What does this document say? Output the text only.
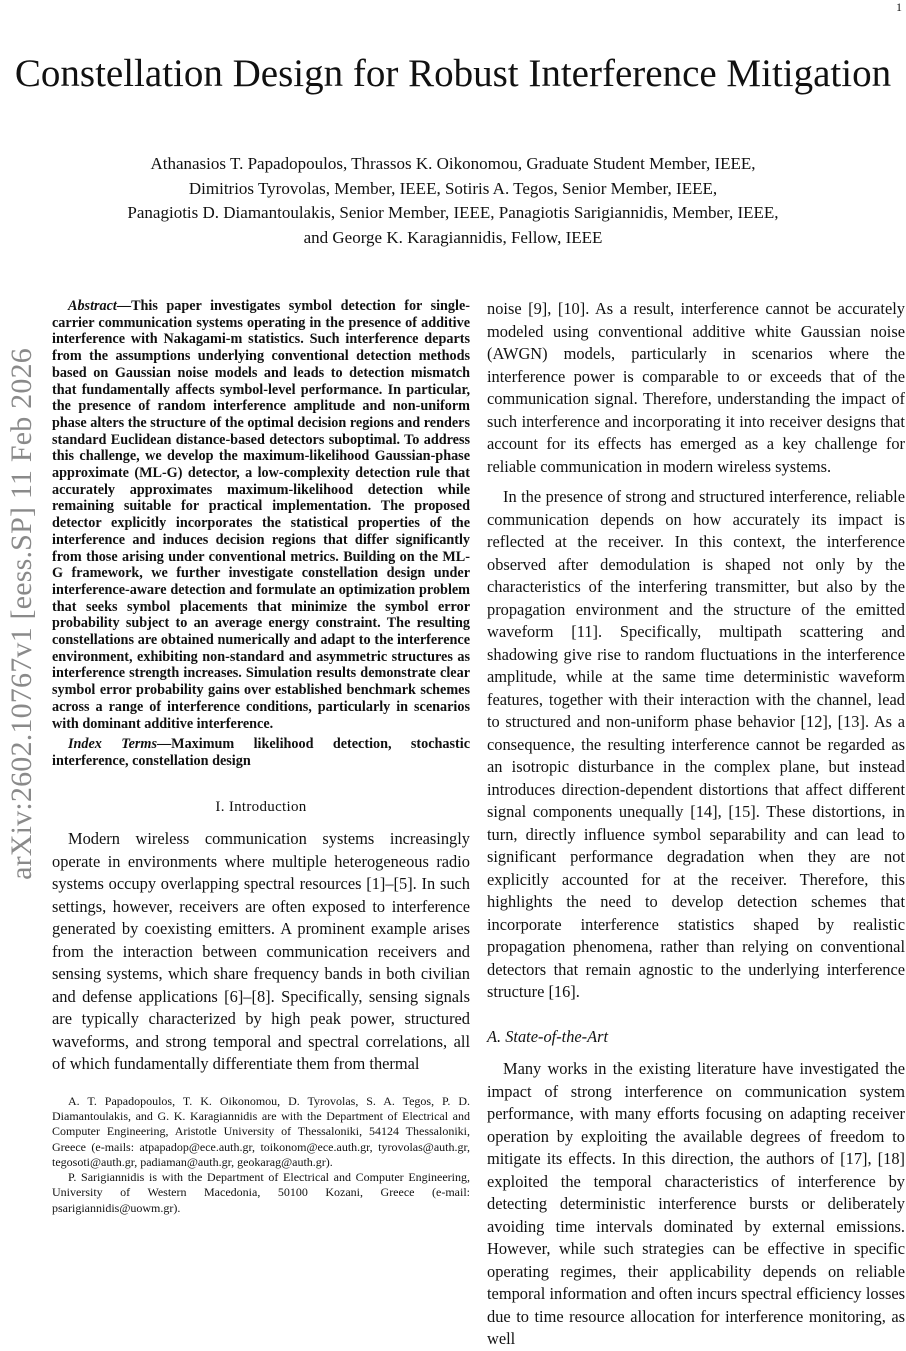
1
arXiv:2602.10767v1 [eess.SP] 11 Feb 2026
Constellation Design for Robust Interference Mitigation
Athanasios T. Papadopoulos, Thrassos K. Oikonomou, Graduate Student Member, IEEE,
Dimitrios Tyrovolas, Member, IEEE, Sotiris A. Tegos, Senior Member, IEEE,
Panagiotis D. Diamantoulakis, Senior Member, IEEE, Panagiotis Sarigiannidis, Member, IEEE,
and George K. Karagiannidis, Fellow, IEEE

Abstract—This paper investigates symbol detection for single-carrier communication systems operating in the presence of additive interference with Nakagami-m statistics. Such interference departs from the assumptions underlying conventional detection methods based on Gaussian noise models and leads to detection mismatch that fundamentally affects symbol-level performance. In particular, the presence of random interference amplitude and non-uniform phase alters the structure of the optimal decision regions and renders standard Euclidean distance-based detectors suboptimal. To address this challenge, we develop the maximum-likelihood Gaussian-phase approximate (ML-G) detector, a low-complexity detection rule that accurately approximates maximum-likelihood detection while remaining suitable for practical implementation. The proposed detector explicitly incorporates the statistical properties of the interference and induces decision regions that differ significantly from those arising under conventional metrics. Building on the ML-G framework, we further investigate constellation design under interference-aware detection and formulate an optimization problem that seeks symbol placements that minimize the symbol error probability subject to an average energy constraint. The resulting constellations are obtained numerically and adapt to the interference environment, exhibiting non-standard and asymmetric structures as interference strength increases. Simulation results demonstrate clear symbol error probability gains over established benchmark schemes across a range of interference conditions, particularly in scenarios with dominant additive interference.

Index Terms—Maximum likelihood detection, stochastic interference, constellation design

I. Introduction

Modern wireless communication systems increasingly operate in environments where multiple heterogeneous radio systems occupy overlapping spectral resources [1]–[5]. In such settings, however, receivers are often exposed to interference generated by coexisting emitters. A prominent example arises from the interaction between communication receivers and sensing systems, which share frequency bands in both civilian and defense applications [6]–[8]. Specifically, sensing signals are typically characterized by high peak power, structured waveforms, and strong temporal and spectral correlations, all of which fundamentally differentiate them from thermal

A. T. Papadopoulos, T. K. Oikonomou, D. Tyrovolas, S. A. Tegos, P. D. Diamantoulakis, and G. K. Karagiannidis are with the Department of Electrical and Computer Engineering, Aristotle University of Thessaloniki, 54124 Thessaloniki, Greece (e-mails: atpapadop@ece.auth.gr, toikonom@ece.auth.gr, tyrovolas@auth.gr, tegosoti@auth.gr, padiaman@auth.gr, geokarag@auth.gr).

P. Sarigiannidis is with the Department of Electrical and Computer Engineering, University of Western Macedonia, 50100 Kozani, Greece (e-mail: psarigiannidis@uowm.gr).

noise [9], [10]. As a result, interference cannot be accurately modeled using conventional additive white Gaussian noise (AWGN) models, particularly in scenarios where the interference power is comparable to or exceeds that of the communication signal. Therefore, understanding the impact of such interference and incorporating it into receiver designs that account for its effects has emerged as a key challenge for reliable communication in modern wireless systems.

In the presence of strong and structured interference, reliable communication depends on how accurately its impact is reflected at the receiver. In this context, the interference observed after demodulation is shaped not only by the characteristics of the interfering transmitter, but also by the propagation environment and the structure of the emitted waveform [11]. Specifically, multipath scattering and shadowing give rise to random fluctuations in the interference amplitude, while at the same time deterministic waveform features, together with their interaction with the channel, lead to structured and non-uniform phase behavior [12], [13]. As a consequence, the resulting interference cannot be regarded as an isotropic disturbance in the complex plane, but instead introduces direction-dependent distortions that affect different signal components unequally [14], [15]. These distortions, in turn, directly influence symbol separability and can lead to significant performance degradation when they are not explicitly accounted for at the receiver. Therefore, this highlights the need to develop detection schemes that incorporate interference statistics shaped by realistic propagation phenomena, rather than relying on conventional detectors that remain agnostic to the underlying interference structure [16].

A. State-of-the-Art

Many works in the existing literature have investigated the impact of strong interference on communication system performance, with many efforts focusing on adapting receiver operation by exploiting the available degrees of freedom to mitigate its effects. In this direction, the authors of [17], [18] exploited the temporal characteristics of interference by detecting deterministic interference bursts or deliberately avoiding time intervals dominated by external emissions. However, while such strategies can be effective in specific operating regimes, their applicability depends on reliable temporal information and often incurs spectral efficiency losses due to time resource allocation for interference monitoring, as well
